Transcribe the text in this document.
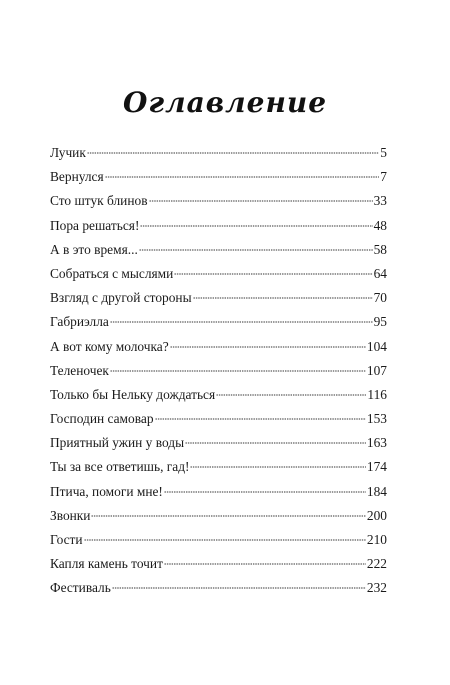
Оглавление
Лучик	5
Вернулся	7
Сто штук блинов	33
Пора решаться!	48
А в это время...	58
Собраться с мыслями	64
Взгляд с другой стороны	70
Габриэлла	95
А вот кому молочка?	104
Теленочек	107
Только бы Нельку дождаться	116
Господин самовар	153
Приятный ужин у воды	163
Ты за все ответишь, гад!	174
Птича, помоги мне!	184
Звонки	200
Гости	210
Капля камень точит	222
Фестиваль	232
